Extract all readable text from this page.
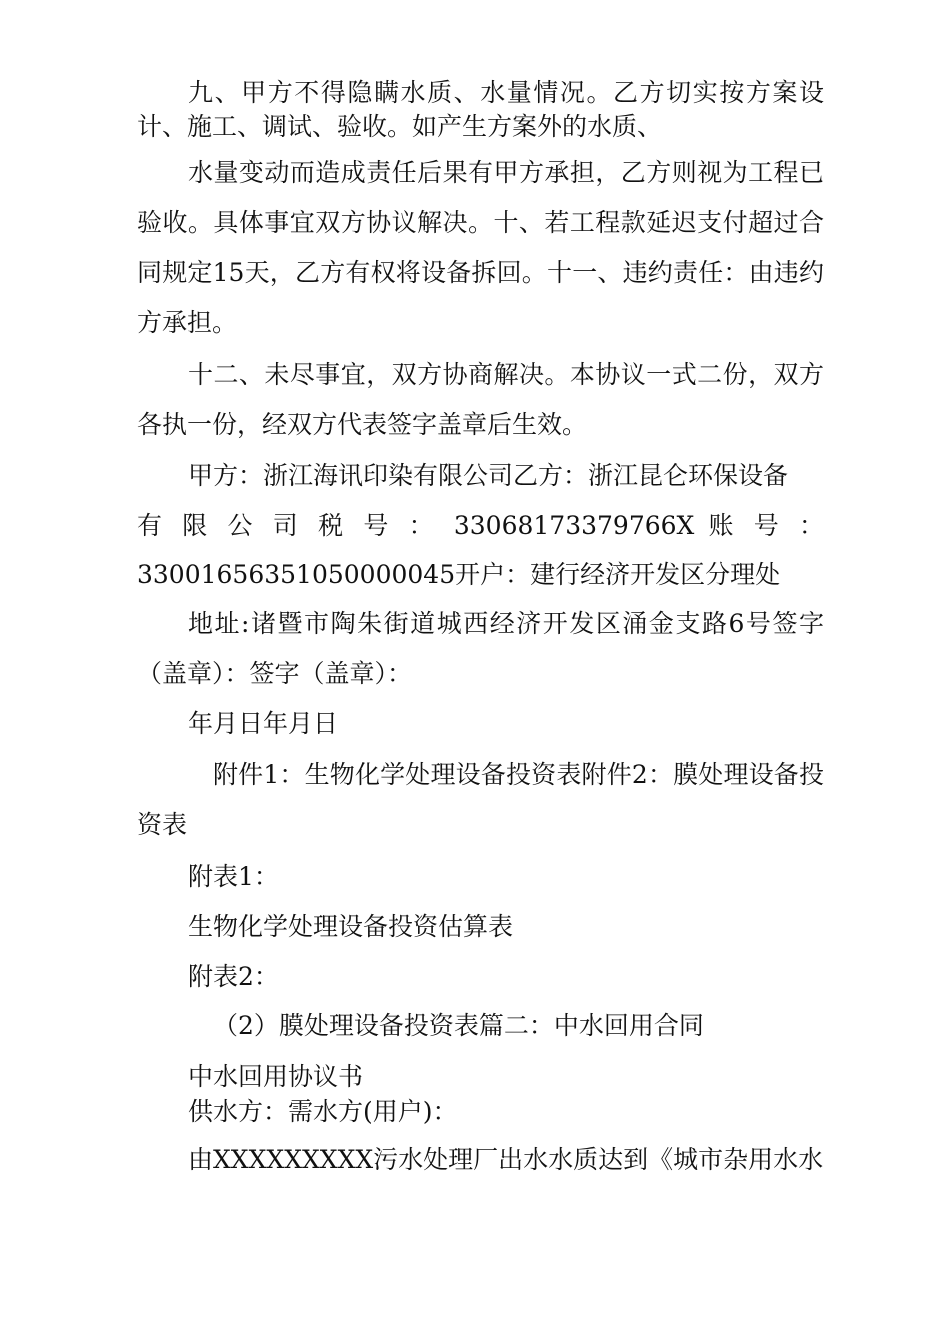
九、甲方不得隐瞒水质、水量情况。乙方切实按方案设计、施工、调试、验收。如产生方案外的水质、

水量变动而造成责任后果有甲方承担，乙方则视为工程已验收。具体事宜双方协议解决。十、若工程款延迟支付超过合同规定15天，乙方有权将设备拆回。十一、违约责任：由违约方承担。

十二、未尽事宜，双方协商解决。本协议一式二份，双方各执一份，经双方代表签字盖章后生效。

甲方：浙江海讯印染有限公司乙方：浙江昆仑环保设备

有 限 公 司 税 号 ： 33068173379766X 账 号 ：

33001656351050000045开户：建行经济开发区分理处

地址:诸暨市陶朱街道城西经济开发区涌金支路6号签字（盖章）：签字（盖章）：

年月日年月日

附件1：生物化学处理设备投资表附件2：膜处理设备投资表

附表1：

生物化学处理设备投资估算表

附表2：

（2）膜处理设备投资表篇二：中水回用合同

中水回用协议书

供水方：需水方(用户)：

由XXXXXXXXX污水处理厂出水水质达到《城市杂用水水
